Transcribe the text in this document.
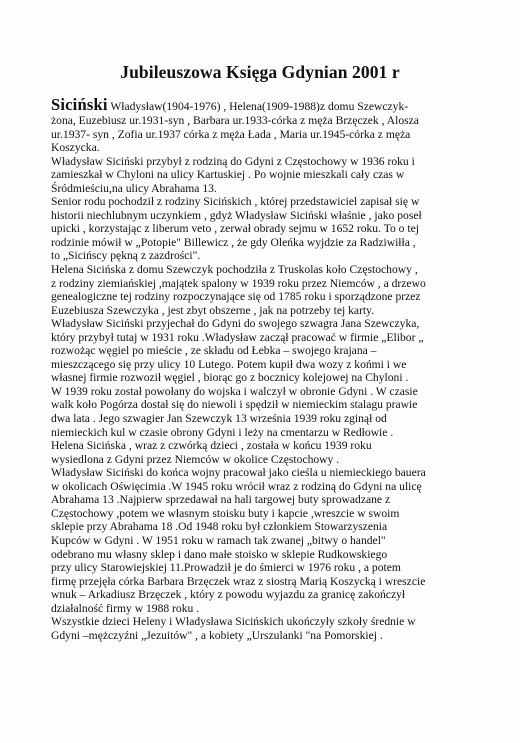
Jubileuszowa Księga Gdynian 2001 r
Siciński Władysław(1904-1976) , Helena(1909-1988)z domu Szewczyk-
żona, Euzebiusz ur.1931-syn , Barbara ur.1933-córka z męża Brzęczek , Alosza
ur.1937- syn , Zofia ur.1937 córka z męża Łada , Maria ur.1945-córka z męża
Koszycka.
Władysław Siciński przybył z rodziną do Gdyni z Częstochowy w 1936 roku i
zamieszkał w Chyloni na ulicy Kartuskiej . Po wojnie mieszkali cały czas w
Śródmieściu,na ulicy Abrahama 13.
Senior rodu pochodził z rodziny Sicińskich , której przedstawiciel zapisał się w
historii niechlubnym uczynkiem , gdyż Władysław Siciński właśnie , jako poseł
upicki , korzystając z liberum veto , zerwał obrady sejmu w 1652 roku. To o tej
rodzinie mówił w „Potopie" Billewicz , że gdy Oleńka wyjdzie za Radziwiłła ,
to „Sicińscy pękną z zazdrości".
Helena Sicińska z domu Szewczyk pochodziła z Truskolas koło Częstochowy ,
z rodziny ziemiańskiej ,majątek spalony w 1939 roku przez Niemców , a drzewo
genealogiczne tej rodziny rozpoczynające się od 1785 roku i sporządzone przez
Euzebiusza Szewczyka , jest zbyt obszerne , jak na potrzeby tej karty.
Władysław Siciński przyjechał do Gdyni do swojego szwagra Jana Szewczyka,
który przybył tutaj w 1931 roku .Władysław zaczął pracować w firmie „Elibor „
rozwożąc węgiel po mieście , ze składu od Łebka – swojego krajana –
mieszczącego się przy ulicy 10 Lutego. Potem kupił dwa wozy z końmi i we
własnej firmie rozwoził węgiel , biorąc go z bocznicy kolejowej na Chyloni .
W 1939 roku został powołany do wojska i walczył w obronie Gdyni . W czasie
walk koło Pogórza dostał się do niewoli i spędził w niemieckim stalagu prawie
dwa lata . Jego szwagier Jan Szewczyk 13 września 1939 roku zginął od
niemieckich kul w czasie obrony Gdyni i leży na cmentarzu w Redłowie .
Helena Sicińska , wraz z czwórką dzieci , została w końcu 1939 roku
wysiedlona z Gdyni przez Niemców w okolice Częstochowy .
Władysław Siciński do końca wojny pracował jako cieśla u niemieckiego bauera
w okolicach Oświęcimia .W 1945 roku wrócił wraz z rodziną do Gdyni na ulicę
Abrahama 13 .Najpierw sprzedawał na hali targowej buty sprowadzane z
Częstochowy ,potem we własnym stoisku buty i kapcie ,wreszcie w swoim
sklepie przy Abrahama 18 .Od 1948 roku był członkiem Stowarzyszenia
Kupców w Gdyni . W 1951 roku w ramach tak zwanej „bitwy o handel"
odebrano mu własny sklep i dano małe stoisko w sklepie Rudkowskiego
przy ulicy Starowiejskiej 11.Prowadził je do śmierci w 1976 roku , a potem
firmę przejęła córka Barbara Brzęczek wraz z siostrą Marią Koszycką i wreszcie
wnuk – Arkadiusz Brzęczek , który z powodu wyjazdu za granicę zakończył
działalność firmy w 1988 roku .
Wszystkie dzieci Heleny i Władysława Sicińskich ukończyły szkoły średnie w
Gdyni –mężczyźni „Jezuitów" , a kobiety „Urszulanki "na Pomorskiej .
